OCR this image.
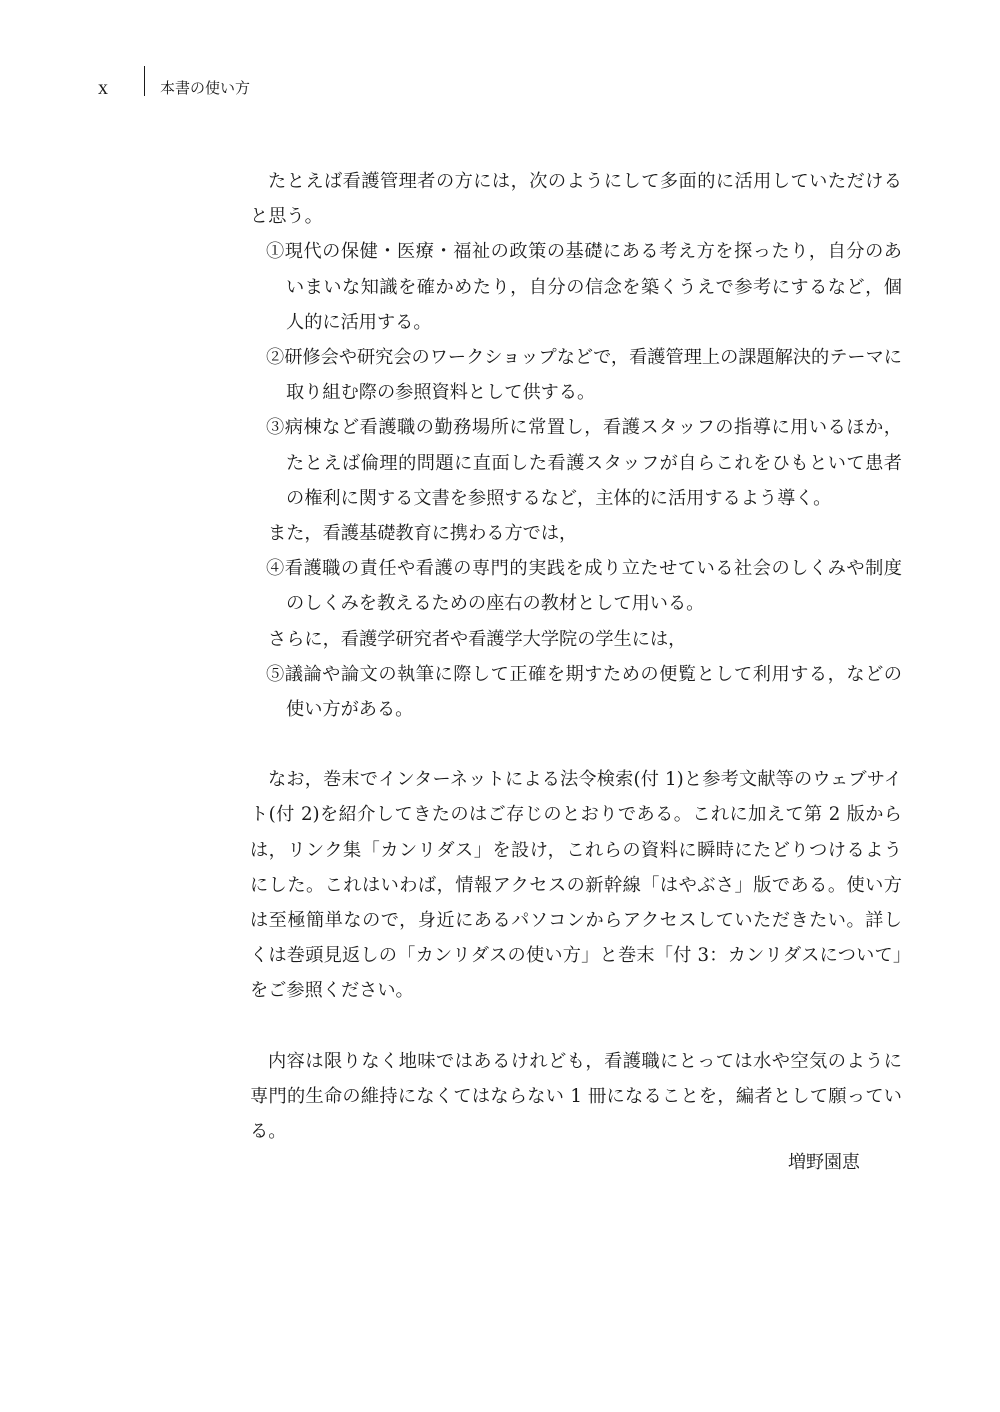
x	本書の使い方

たとえば看護管理者の方には，次のようにして多面的に活用していただけると思う。

①現代の保健・医療・福祉の政策の基礎にある考え方を探ったり，自分のあいまいな知識を確かめたり，自分の信念を築くうえで参考にするなど，個人的に活用する。

②研修会や研究会のワークショップなどで，看護管理上の課題解決的テーマに取り組む際の参照資料として供する。

③病棟など看護職の勤務場所に常置し，看護スタッフの指導に用いるほか，たとえば倫理的問題に直面した看護スタッフが自らこれをひもといて患者の権利に関する文書を参照するなど，主体的に活用するよう導く。

また，看護基礎教育に携わる方では，

④看護職の責任や看護の専門的実践を成り立たせている社会のしくみや制度のしくみを教えるための座右の教材として用いる。

さらに，看護学研究者や看護学大学院の学生には，

⑤議論や論文の執筆に際して正確を期すための便覧として利用する，などの使い方がある。

なお，巻末でインターネットによる法令検索(付 1)と参考文献等のウェブサイト(付 2)を紹介してきたのはご存じのとおりである。これに加えて第 2 版からは，リンク集「カンリダス」を設け，これらの資料に瞬時にたどりつけるようにした。これはいわば，情報アクセスの新幹線「はやぶさ」版である。使い方は至極簡単なので，身近にあるパソコンからアクセスしていただきたい。詳しくは巻頭見返しの「カンリダスの使い方」と巻末「付 3：カンリダスについて」をご参照ください。

内容は限りなく地味ではあるけれども，看護職にとっては水や空気のように専門的生命の維持になくてはならない 1 冊になることを，編者として願っている。

増野園恵
